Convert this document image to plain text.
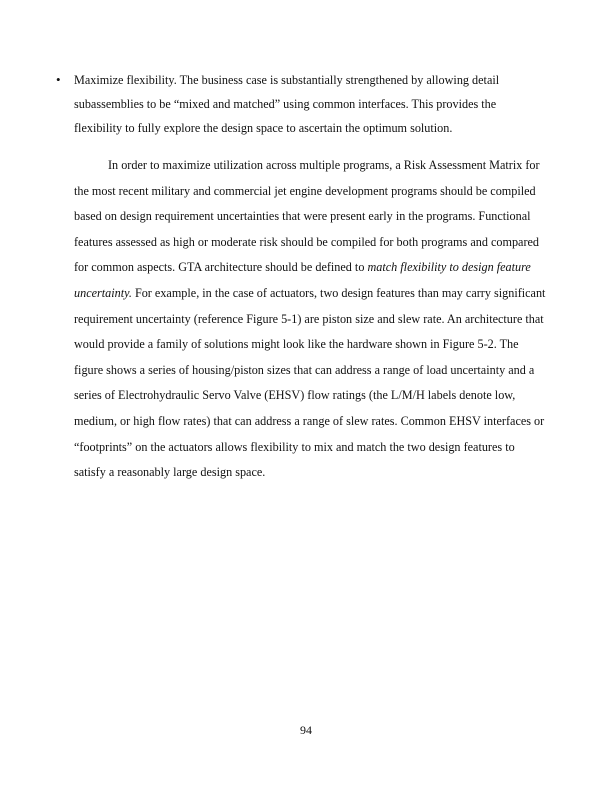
• Maximize flexibility. The business case is substantially strengthened by allowing detail
subassemblies to be “mixed and matched” using common interfaces. This provides the
flexibility to fully explore the design space to ascertain the optimum solution.
In order to maximize utilization across multiple programs, a Risk Assessment Matrix for
the most recent military and commercial jet engine development programs should be compiled
based on design requirement uncertainties that were present early in the programs. Functional
features assessed as high or moderate risk should be compiled for both programs and compared
for common aspects. GTA architecture should be defined to match flexibility to design feature
uncertainty. For example, in the case of actuators, two design features than may carry significant
requirement uncertainty (reference Figure 5-1) are piston size and slew rate. An architecture that
would provide a family of solutions might look like the hardware shown in Figure 5-2. The
figure shows a series of housing/piston sizes that can address a range of load uncertainty and a
series of Electrohydraulic Servo Valve (EHSV) flow ratings (the L/M/H labels denote low,
medium, or high flow rates) that can address a range of slew rates. Common EHSV interfaces or
“footprints” on the actuators allows flexibility to mix and match the two design features to
satisfy a reasonably large design space.
94
